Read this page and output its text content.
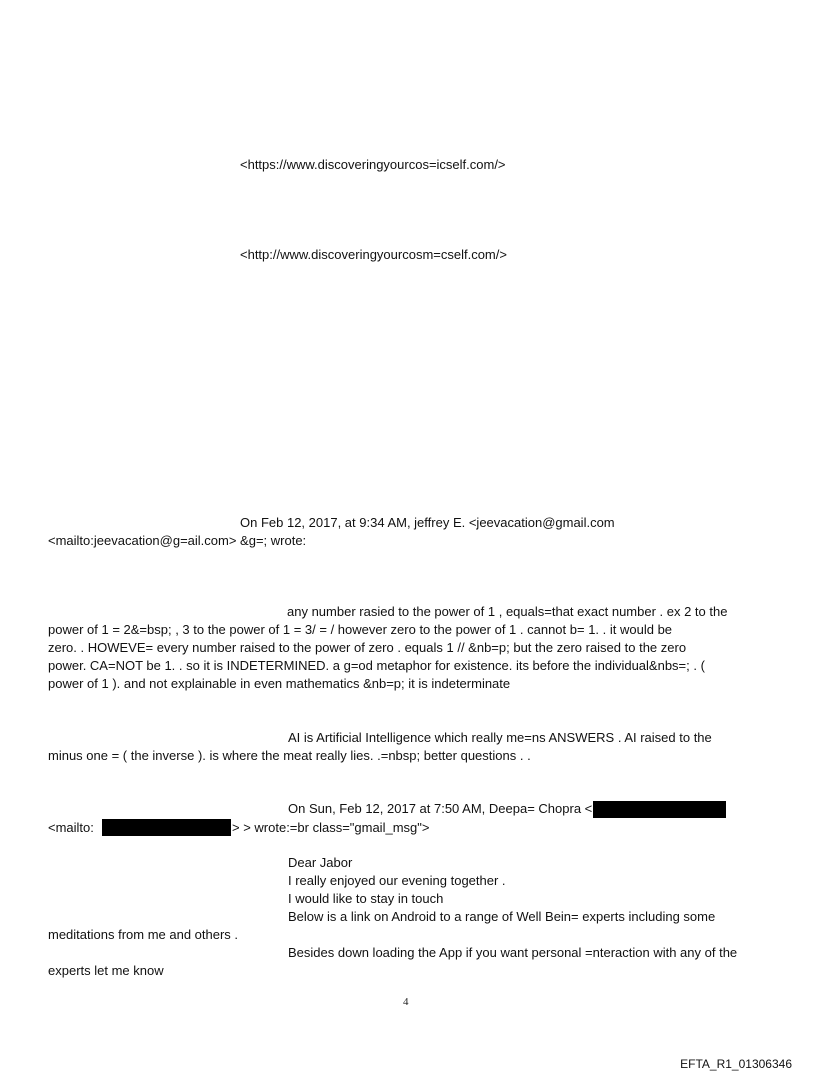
<https://www.discoveringyourcos=icself.com/>
<http://www.discoveringyourcosm=cself.com/>
On Feb 12, 2017, at 9:34 AM, jeffrey E. <jeevacation@gmail.com
<mailto:jeevacation@g=ail.com> &g=; wrote:
any number rasied to the power of 1 , equals=that exact number . ex 2 to the
power of 1 = 2&=bsp; , 3 to the power of 1 = 3/ = / however zero to the power of 1 . cannot b= 1. . it would be
zero. . HOWEVE= every number raised to the power of zero . equals 1 // &nb=p; but the zero raised to the zero
power. CA=NOT be 1. . so it is INDETERMINED. a g=od metaphor for existence. its before the individual&nbs=; . (
power of 1 ). and not explainable in even mathematics &nb=p; it is indeterminate
AI is Artificial Intelligence which really me=ns ANSWERS . AI raised to the
minus one = ( the inverse ). is where the meat really lies. .=nbsp; better questions . .
On Sun, Feb 12, 2017 at 7:50 AM, Deepa= Chopra <
<mailto:	> > wrote:=br class="gmail_msg">
Dear Jabor
I really enjoyed our evening together .
I would like to stay in touch
Below is a link on Android to a range of Well Bein= experts including some
meditations from me and others .
Besides down loading the App if you want personal =nteraction with any of the
experts let me know
4
EFTA_R1_01306346
